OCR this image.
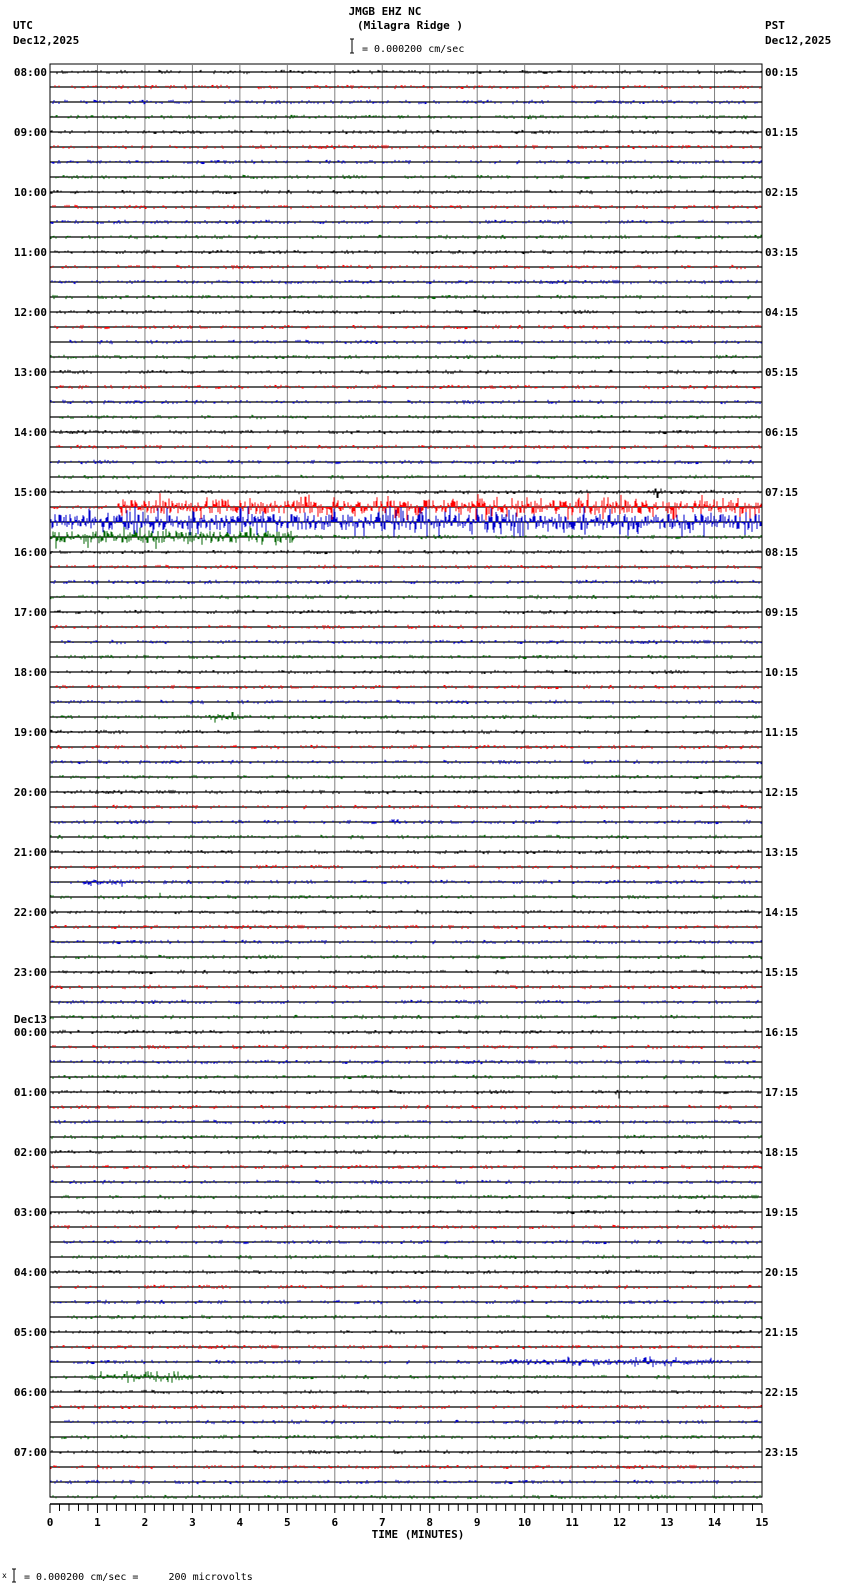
JMGB EHZ NC
(Milagra Ridge )
= 0.000200 cm/sec
UTC
Dec12,2025
PST
Dec12,2025
0	1	2	3	4	5	6	7	8	9	10	11	12	13	14	15
08:00	00:15
09:00	01:15
10:00	02:15
11:00	03:15
12:00	04:15
13:00	05:15
14:00	06:15
15:00	07:15
16:00	08:15
17:00	09:15
18:00	10:15
19:00	11:15
20:00	12:15
21:00	13:15
22:00	14:15
23:00	15:15
00:00	16:15
Dec13
01:00	17:15
02:00	18:15
03:00	19:15
04:00	20:15
05:00	21:15
06:00	22:15
07:00	23:15
TIME (MINUTES)
x = 0.000200 cm/sec =     200 microvolts
